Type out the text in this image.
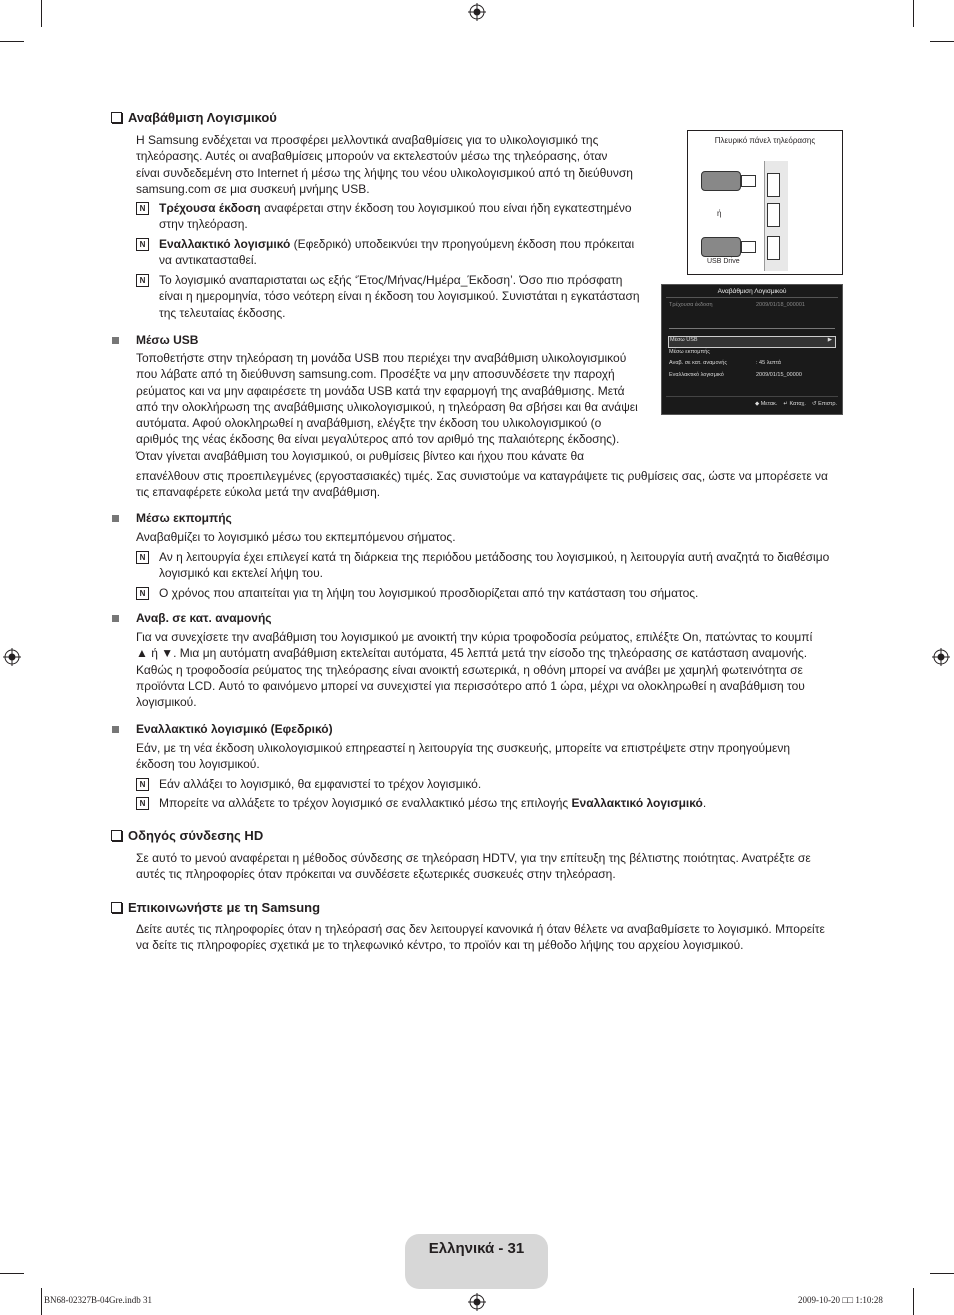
Αναβάθμιση Λογισμικού
Η Samsung ενδέχεται να προσφέρει μελλοντικά αναβαθμίσεις για το υλικολογισμικό της
τηλεόρασης. Αυτές οι αναβαθμίσεις μπορούν να εκτελεστούν μέσω της τηλεόρασης, όταν
είναι συνδεδεμένη στο Internet ή μέσω της λήψης του νέου υλικολογισμικού από τη διεύθυνση
samsung.com σε μια συσκευή μνήμης USB.
N	Τρέχουσα έκδοση αναφέρεται στην έκδοση του λογισμικού που είναι ήδη εγκατεστημένο
στην τηλεόραση.
N	Εναλλακτικό λογισμικό (Εφεδρικό) υποδεικνύει την προηγούμενη έκδοση που πρόκειται
να αντικατασταθεί.
N	Το λογισμικό αναπαρισταται ως εξής ‘Έτος/Μήνας/Ημέρα_Έκδοση’. Όσο πιο πρόσφατη
είναι η ημερομηνία, τόσο νεότερη είναι η έκδοση του λογισμικού. Συνιστάται η εγκατάσταση
της τελευταίας έκδοσης.
Πλευρικό πάνελ τηλεόρασης
ή
USB Drive
Αναβάθμιση Λογισμικού
Τρέχουσα έκδοση	2009/01/18_000001
Μέσω USB	▶
Μέσω εκπομπής
Αναβ. σε κατ. αναμονής	: 45 λεπτά
Εναλλακτικό λογισμικό	2009/01/15_00000
◆ Μετακ. ↵ Καταχ. ↺ Επιστρ.
Μέσω USB
Τοποθετήστε στην τηλεόραση τη μονάδα USB που περιέχει την αναβάθμιση υλικολογισμικού
που λάβατε από τη διεύθυνση samsung.com. Προσέξτε να μην αποσυνδέσετε την παροχή
ρεύματος και να μην αφαιρέσετε τη μονάδα USB κατά την εφαρμογή της αναβάθμισης. Μετά
από την ολοκλήρωση της αναβάθμισης υλικολογισμικού, η τηλεόραση θα σβήσει και θα ανάψει
αυτόματα. Αφού ολοκληρωθεί η αναβάθμιση, ελέγξτε την έκδοση του υλικολογισμικού (ο
αριθμός της νέας έκδοσης θα είναι μεγαλύτερος από τον αριθμό της παλαιότερης έκδοσης).
Όταν γίνεται αναβάθμιση του λογισμικού, οι ρυθμίσεις βίντεο και ήχου που κάνατε θα
επανέλθουν στις προεπιλεγμένες (εργοστασιακές) τιμές. Σας συνιστούμε να καταγράψετε τις ρυθμίσεις σας, ώστε να μπορέσετε να
τις επαναφέρετε εύκολα μετά την αναβάθμιση.
Μέσω εκπομπής
Αναβαθμίζει το λογισμικό μέσω του εκπεμπόμενου σήματος.
N	Αν η λειτουργία έχει επιλεγεί κατά τη διάρκεια της περιόδου μετάδοσης του λογισμικού, η λειτουργία αυτή αναζητά το διαθέσιμο
λογισμικό και εκτελεί λήψη του.
N	Ο χρόνος που απαιτείται για τη λήψη του λογισμικού προσδιορίζεται από την κατάσταση του σήματος.
Αναβ. σε κατ. αναμονής
Για να συνεχίσετε την αναβάθμιση του λογισμικού με ανοικτή την κύρια τροφοδοσία ρεύματος, επιλέξτε On, πατώντας το κουμπί
▲ ή ▼. Μια μη αυτόματη αναβάθμιση εκτελείται αυτόματα, 45 λεπτά μετά την είσοδο της τηλεόρασης σε κατάσταση αναμονής.
Καθώς η τροφοδοσία ρεύματος της τηλεόρασης είναι ανοικτή εσωτερικά, η οθόνη μπορεί να ανάβει με χαμηλή φωτεινότητα σε
προϊόντα LCD. Αυτό το φαινόμενο μπορεί να συνεχιστεί για περισσότερο από 1 ώρα, μέχρι να ολοκληρωθεί η αναβάθμιση του
λογισμικού.
Εναλλακτικό λογισμικό (Εφεδρικό)
Εάν, με τη νέα έκδοση υλικολογισμικού επηρεαστεί η λειτουργία της συσκευής, μπορείτε να επιστρέψετε στην προηγούμενη
έκδοση του λογισμικού.
N	Εάν αλλάξει το λογισμικό, θα εμφανιστεί το τρέχον λογισμικό.
N	Μπορείτε να αλλάξετε το τρέχον λογισμικό σε εναλλακτικό μέσω της επιλογής Εναλλακτικό λογισμικό.
Οδηγός σύνδεσης HD
Σε αυτό το μενού αναφέρεται η μέθοδος σύνδεσης σε τηλεόραση HDTV, για την επίτευξη της βέλτιστης ποιότητας. Ανατρέξτε σε
αυτές τις πληροφορίες όταν πρόκειται να συνδέσετε εξωτερικές συσκευές στην τηλεόραση.
Επικοινωνήστε με τη Samsung
Δείτε αυτές τις πληροφορίες όταν η τηλεόρασή σας δεν λειτουργεί κανονικά ή όταν θέλετε να αναβαθμίσετε το λογισμικό. Μπορείτε
να δείτε τις πληροφορίες σχετικά με το τηλεφωνικό κέντρο, το προϊόν και τη μέθοδο λήψης του αρχείου λογισμικού.
Ελληνικά - 31
BN68-02327B-04Gre.indb 31	2009-10-20 □□ 1:10:28
